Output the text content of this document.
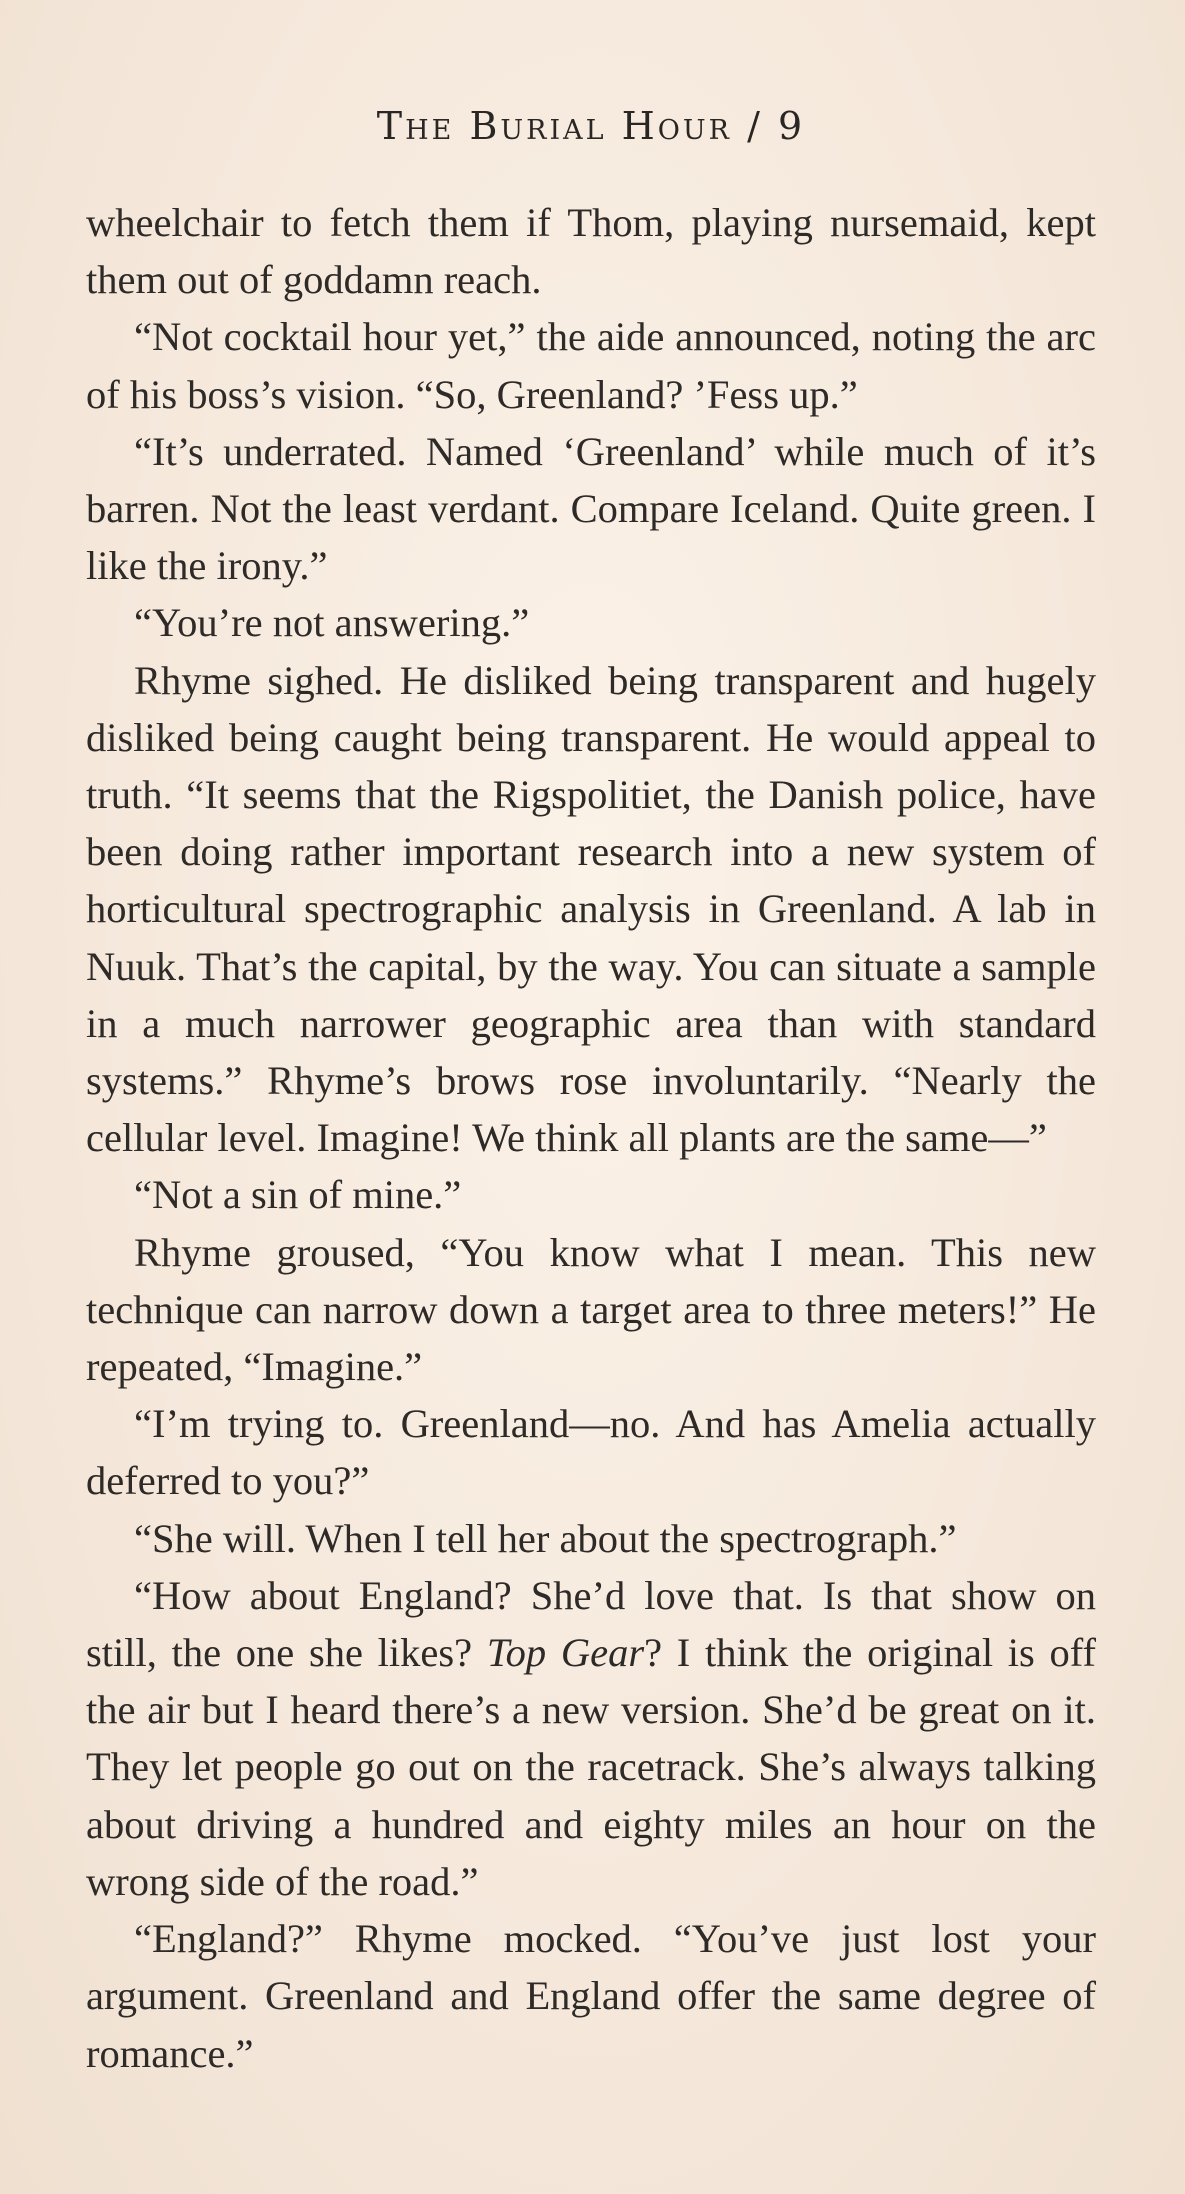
The Burial Hour / 9

wheelchair to fetch them if Thom, playing nursemaid, kept them out of goddamn reach.

“Not cocktail hour yet,” the aide announced, noting the arc of his boss’s vision. “So, Greenland? ’Fess up.”

“It’s underrated. Named ‘Greenland’ while much of it’s barren. Not the least verdant. Compare Iceland. Quite green. I like the irony.”

“You’re not answering.”

Rhyme sighed. He disliked being transparent and hugely disliked being caught being transparent. He would appeal to truth. “It seems that the Rigspolitiet, the Danish police, have been doing rather important research into a new system of horticultural spectrographic analysis in Greenland. A lab in Nuuk. That’s the capital, by the way. You can situate a sample in a much narrower geographic area than with standard systems.” Rhyme’s brows rose involuntarily. “Nearly the cellular level. Imagine! We think all plants are the same—”

“Not a sin of mine.”

Rhyme groused, “You know what I mean. This new technique can narrow down a target area to three meters!” He repeated, “Imagine.”

“I’m trying to. Greenland—no. And has Amelia actually deferred to you?”

“She will. When I tell her about the spectrograph.”

“How about England? She’d love that. Is that show on still, the one she likes? Top Gear? I think the original is off the air but I heard there’s a new version. She’d be great on it. They let people go out on the racetrack. She’s always talking about driving a hundred and eighty miles an hour on the wrong side of the road.”

“England?” Rhyme mocked. “You’ve just lost your argument. Greenland and England offer the same degree of romance.”
